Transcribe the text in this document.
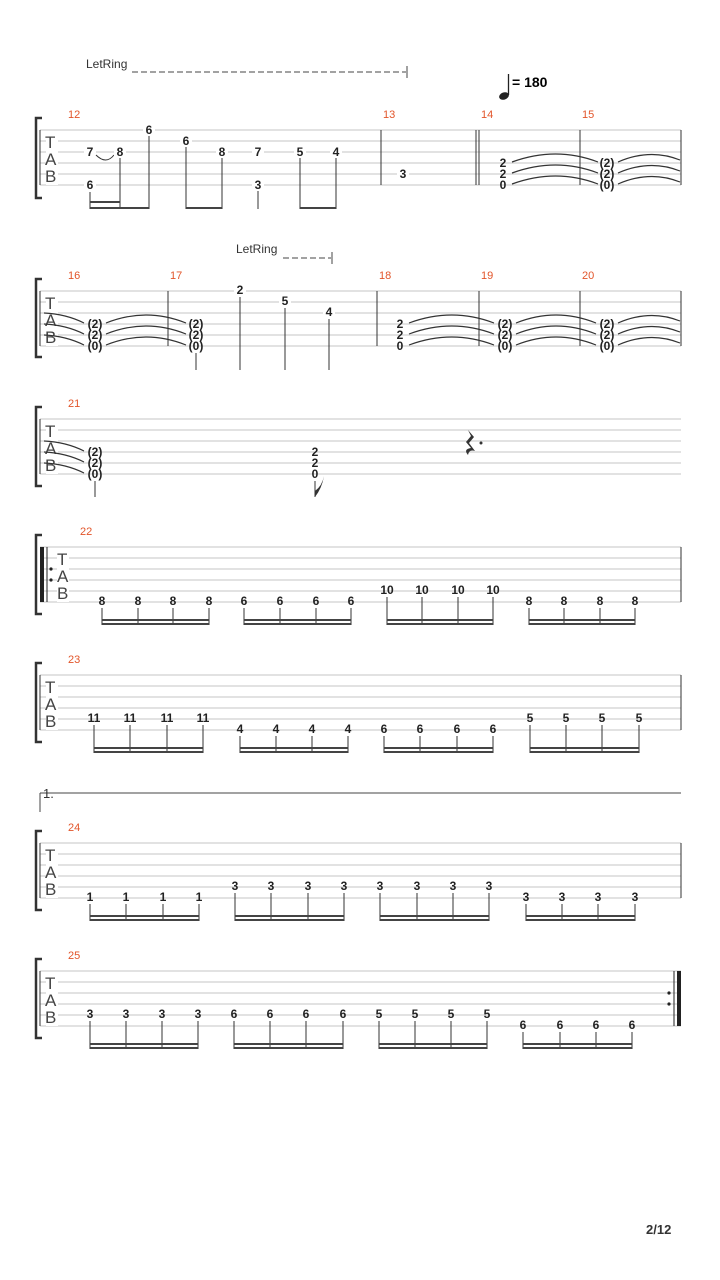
LetRing
= 180
T
A
B
12	13	14	15
7 8
6
6
6
8 7	5 4
3
3
2
2
0
(2)
(2)
(0)
LetRing
T
A
B
16	17	18	19	20
(2)
(2)
(0)
(2)
(2)
(0)
2
5
4
2
2
0
(2)
(2)
(0)
(2)
(2)
(0)
T
A
B
21
(2)
(2)
(0)
2
2
0
T
A
B
22
8 8 8 8 6 6 6 6
10 10 10 10
8 8 8 8
T
A
B
23
11 11 11 11
4 4 4 4 6 6	6 6
5 5 5	5
1.
T
A
B
24
1 1	1 1
3 3	3 3 3	3 3 3
3 3 3	3
T
A
B
25
3 3 3 3 6 6 6	6 5 5 5 5
6	6 6 6
2/12
